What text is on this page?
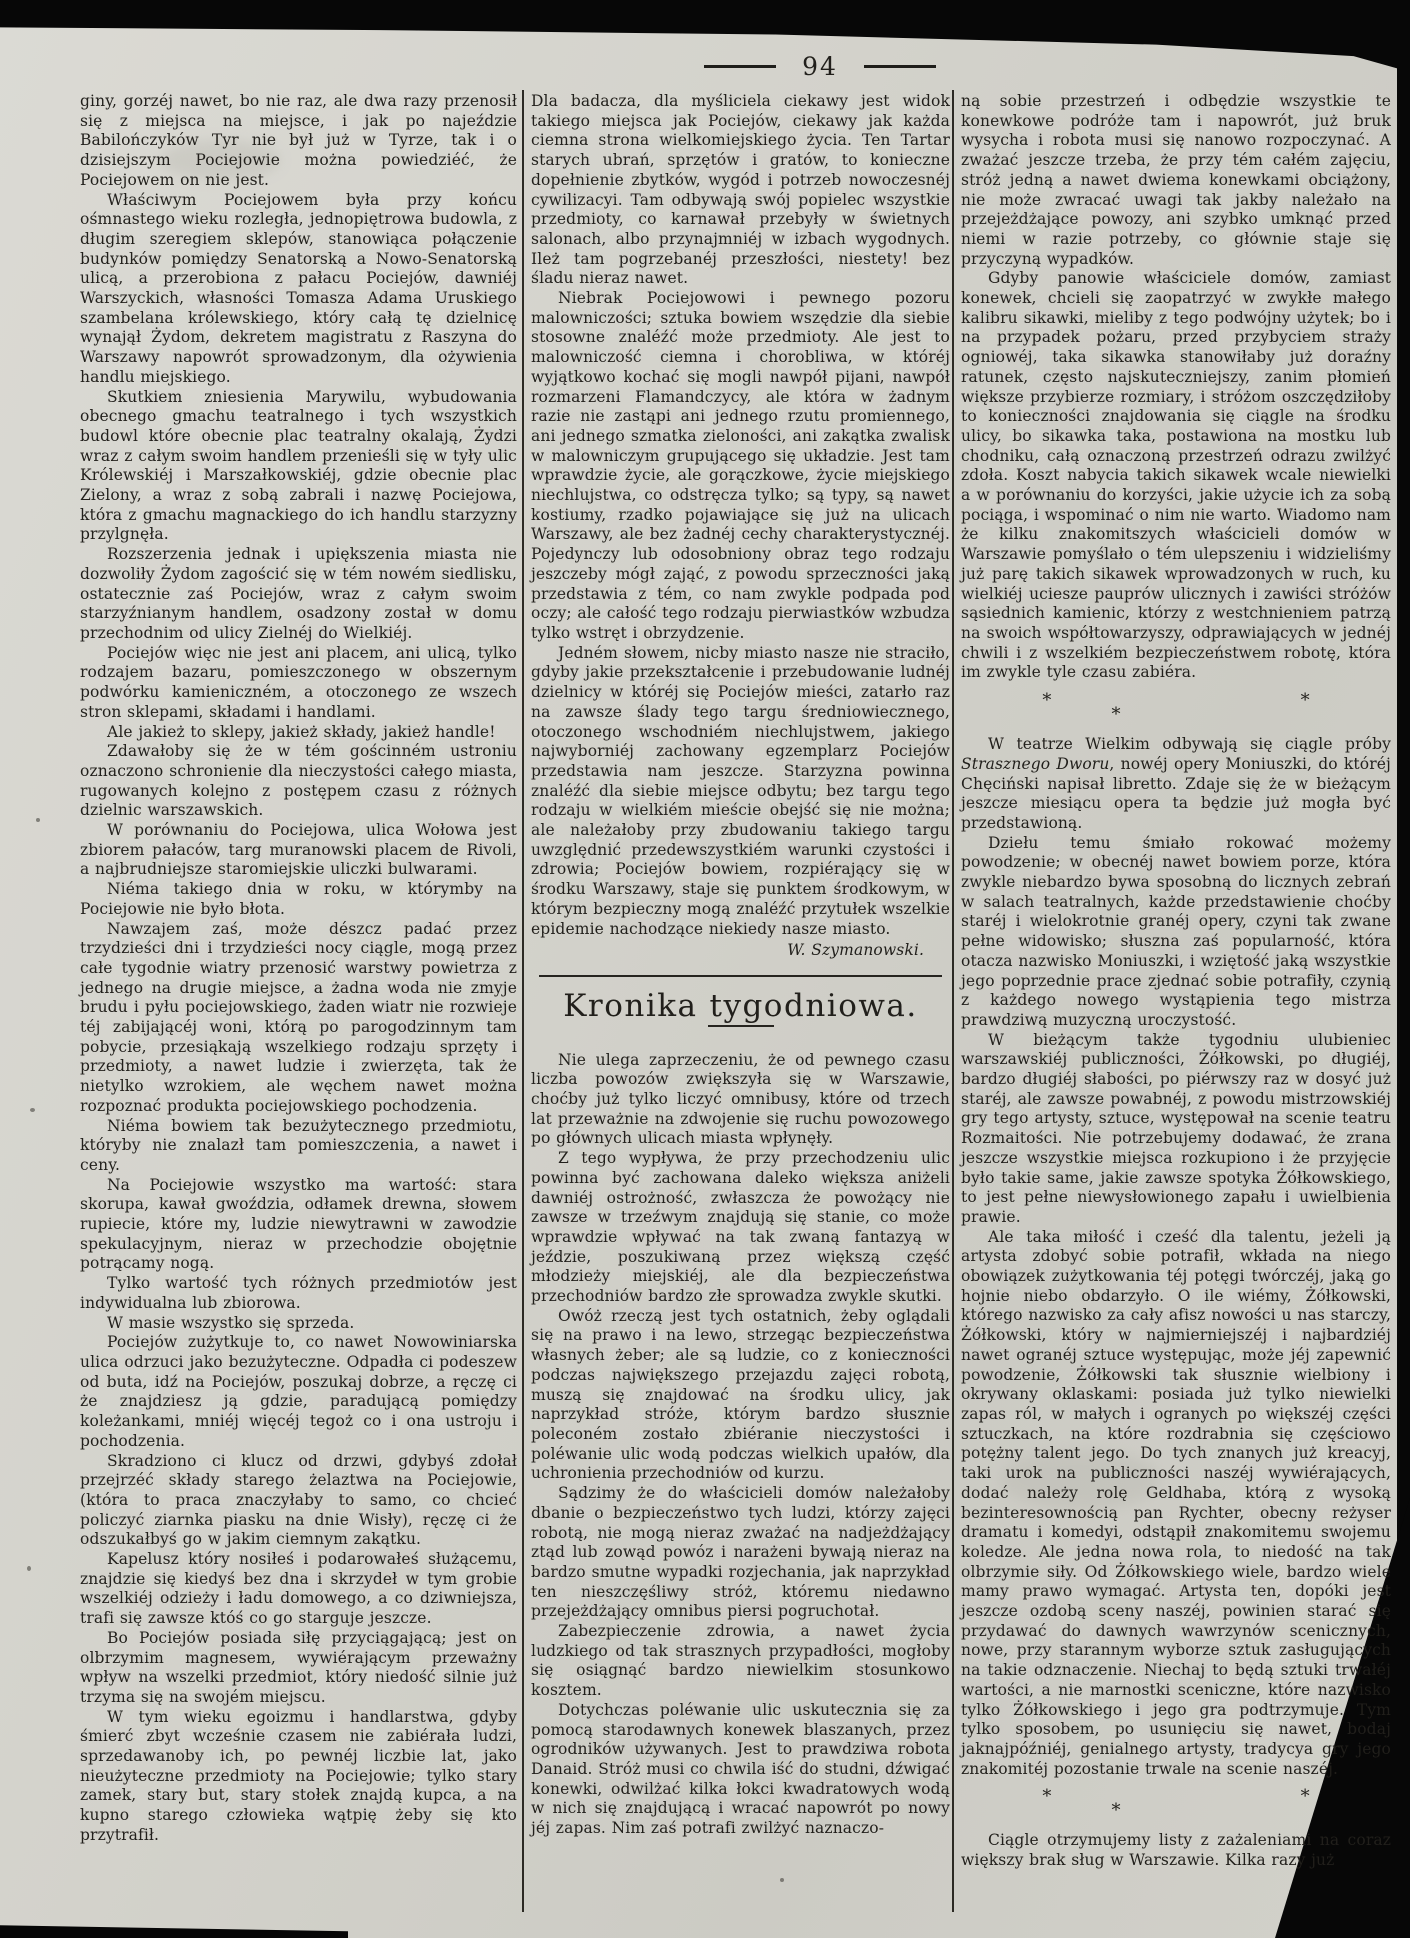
94

giny, gorzéj nawet, bo nie raz, ale dwa razy przenosił się z miejsca na miejsce, i jak po najeździe Babilończyków Tyr nie był już w Tyrze, tak i o dzisiejszym Pociejowie można powiedziéć, że Pociejowem on nie jest.

Właściwym Pociejowem była przy końcu ośmnastego wieku rozległa, jednopiętrowa budowla, z długim szeregiem sklepów, stanowiąca połączenie budynków pomiędzy Senatorską a Nowo-Senatorską ulicą, a przerobiona z pałacu Pociejów, dawniéj Warszyckich, własności Tomasza Adama Uruskiego szambelana królewskiego, który całą tę dzielnicę wynajął Żydom, dekretem magistratu z Raszyna do Warszawy napowrót sprowadzonym, dla ożywienia handlu miejskiego.

Skutkiem zniesienia Marywilu, wybudowania obecnego gmachu teatralnego i tych wszystkich budowl które obecnie plac teatralny okalają, Żydzi wraz z całym swoim handlem przenieśli się w tyły ulic Królewskiéj i Marszałkowskiéj, gdzie obecnie plac Zielony, a wraz z sobą zabrali i nazwę Pociejowa, która z gmachu magnackiego do ich handlu starzyzny przylgnęła.

Rozszerzenia jednak i upiększenia miasta nie dozwoliły Żydom zagościć się w tém nowém siedlisku, ostatecznie zaś Pociejów, wraz z całym swoim starzyźnianym handlem, osadzony został w domu przechodnim od ulicy Zielnéj do Wielkiéj.

Pociejów więc nie jest ani placem, ani ulicą, tylko rodzajem bazaru, pomieszczonego w obszernym podwórku kamieniczném, a otoczonego ze wszech stron sklepami, składami i handlami.

Ale jakież to sklepy, jakież składy, jakież handle!

Zdawałoby się że w tém gościnném ustroniu oznaczono schronienie dla nieczystości całego miasta, rugowanych kolejno z postępem czasu z różnych dzielnic warszawskich.

W porównaniu do Pociejowa, ulica Wołowa jest zbiorem pałaców, targ muranowski placem de Rivoli, a najbrudniejsze staromiejskie uliczki bulwarami.

Niéma takiego dnia w roku, w którymby na Pociejowie nie było błota.

Nawzajem zaś, może dészcz padać przez trzydzieści dni i trzydzieści nocy ciągle, mogą przez całe tygodnie wiatry przenosić warstwy powietrza z jednego na drugie miejsce, a żadna woda nie zmyje brudu i pyłu pociejowskiego, żaden wiatr nie rozwieje téj zabijającéj woni, którą po parogodzinnym tam pobycie, przesiąkają wszelkiego rodzaju sprzęty i przedmioty, a nawet ludzie i zwierzęta, tak że nietylko wzrokiem, ale węchem nawet można rozpoznać produkta pociejowskiego pochodzenia.

Niéma bowiem tak bezużytecznego przedmiotu, któryby nie znalazł tam pomieszczenia, a nawet i ceny.

Na Pociejowie wszystko ma wartość: stara skorupa, kawał gwoździa, odłamek drewna, słowem rupiecie, które my, ludzie niewytrawni w zawodzie spekulacyjnym, nieraz w przechodzie obojętnie potrącamy nogą.

Tylko wartość tych różnych przedmiotów jest indywidualna lub zbiorowa.

W masie wszystko się sprzeda.

Pociejów zużytkuje to, co nawet Nowowiniarska ulica odrzuci jako bezużyteczne. Odpadła ci podeszew od buta, idź na Pociejów, poszukaj dobrze, a ręczę ci że znajdziesz ją gdzie, paradującą pomiędzy koleżankami, mniéj więcéj tegoż co i ona ustroju i pochodzenia.

Skradziono ci klucz od drzwi, gdybyś zdołał przejrzéć składy starego żelaztwa na Pociejowie, (która to praca znaczyłaby to samo, co chcieć policzyć ziarnka piasku na dnie Wisły), ręczę ci że odszukałbyś go w jakim ciemnym zakątku.

Kapelusz który nosiłeś i podarowałeś służącemu, znajdzie się kiedyś bez dna i skrzydeł w tym grobie wszelkiéj odzieży i ładu domowego, a co dziwniejsza, trafi się zawsze któś co go starguje jeszcze.

Bo Pociejów posiada siłę przyciągającą; jest on olbrzymim magnesem, wywiérającym przeważny wpływ na wszelki przedmiot, który niedość silnie już trzyma się na swojém miejscu.

W tym wieku egoizmu i handlarstwa, gdyby śmierć zbyt wcześnie czasem nie zabiérała ludzi, sprzedawanoby ich, po pewnéj liczbie lat, jako nieużyteczne przedmioty na Pociejowie; tylko stary zamek, stary but, stary stołek znajdą kupca, a na kupno starego człowieka wątpię żeby się kto przytrafił.

Dla badacza, dla myśliciela ciekawy jest widok takiego miejsca jak Pociejów, ciekawy jak każda ciemna strona wielkomiejskiego życia. Ten Tartar starych ubrań, sprzętów i gratów, to konieczne dopełnienie zbytków, wygód i potrzeb nowoczesnéj cywilizacyi. Tam odbywają swój popielec wszystkie przedmioty, co karnawał przebyły w świetnych salonach, albo przynajmniéj w izbach wygodnych. Ileż tam pogrzebanéj przeszłości, niestety! bez śladu nieraz nawet.

Niebrak Pociejowowi i pewnego pozoru malowniczości; sztuka bowiem wszędzie dla siebie stosowne znaléźć może przedmioty. Ale jest to malowniczość ciemna i chorobliwa, w któréj wyjątkowo kochać się mogli nawpół pijani, nawpół rozmarzeni Flamandczycy, ale która w żadnym razie nie zastąpi ani jednego rzutu promiennego, ani jednego szmatka zieloności, ani zakątka zwalisk w malowniczym grupującego się układzie. Jest tam wprawdzie życie, ale gorączkowe, życie miejskiego niechlujstwa, co odstręcza tylko; są typy, są nawet kostiumy, rzadko pojawiające się już na ulicach Warszawy, ale bez żadnéj cechy charakterystycznéj. Pojedynczy lub odosobniony obraz tego rodzaju jeszczeby mógł zająć, z powodu sprzeczności jaką przedstawia z tém, co nam zwykle podpada pod oczy; ale całość tego rodzaju pierwiastków wzbudza tylko wstręt i obrzydzenie.

Jedném słowem, nicby miasto nasze nie straciło, gdyby jakie przekształcenie i przebudowanie ludnéj dzielnicy w któréj się Pociejów mieści, zatarło raz na zawsze ślady tego targu średniowiecznego, otoczonego wschodniém niechlujstwem, jakiego najwyborniéj zachowany egzemplarz Pociejów przedstawia nam jeszcze. Starzyzna powinna znaléźć dla siebie miejsce odbytu; bez targu tego rodzaju w wielkiém mieście obejść się nie można; ale należałoby przy zbudowaniu takiego targu uwzględnić przedewszystkiém warunki czystości i zdrowia; Pociejów bowiem, rozpiérający się w środku Warszawy, staje się punktem środkowym, w którym bezpieczny mogą znaléźć przytułek wszelkie epidemie nachodzące niekiedy nasze miasto.

W. Szymanowski.
Kronika tygodniowa.

Nie ulega zaprzeczeniu, że od pewnego czasu liczba powozów zwiększyła się w Warszawie, choćby już tylko liczyć omnibusy, które od trzech lat przeważnie na zdwojenie się ruchu powozowego po głównych ulicach miasta wpłynęły.

Z tego wypływa, że przy przechodzeniu ulic powinna być zachowana daleko większa aniżeli dawniéj ostrożność, zwłaszcza że powożący nie zawsze w trzeźwym znajdują się stanie, co może wprawdzie wpływać na tak zwaną fantazyą w jeździe, poszukiwaną przez większą część młodzieży miejskiéj, ale dla bezpieczeństwa przechodniów bardzo złe sprowadza zwykle skutki.

Owóż rzeczą jest tych ostatnich, żeby oglądali się na prawo i na lewo, strzegąc bezpieczeństwa własnych żeber; ale są ludzie, co z konieczności podczas największego przejazdu zajęci robotą, muszą się znajdować na środku ulicy, jak naprzykład stróże, którym bardzo słusznie poleconém zostało zbiéranie nieczystości i poléwanie ulic wodą podczas wielkich upałów, dla uchronienia przechodniów od kurzu.

Sądzimy że do właścicieli domów należałoby dbanie o bezpieczeństwo tych ludzi, którzy zajęci robotą, nie mogą nieraz zważać na nadjeżdżający ztąd lub zowąd powóz i narażeni bywają nieraz na bardzo smutne wypadki rozjechania, jak naprzykład ten nieszczęśliwy stróż, któremu niedawno przejeżdżający omnibus piersi pogruchotał.

Zabezpieczenie zdrowia, a nawet życia ludzkiego od tak strasznych przypadłości, mogłoby się osiągnąć bardzo niewielkim stosunkowo kosztem.

Dotychczas poléwanie ulic uskutecznia się za pomocą starodawnych konewek blaszanych, przez ogrodników używanych. Jest to prawdziwa robota Danaid. Stróż musi co chwila iść do studni, dźwigać konewki, odwilżać kilka łokci kwadratowych wodą w nich się znajdującą i wracać napowrót po nowy jéj zapas. Nim zaś potrafi zwilżyć naznaczo-

ną sobie przestrzeń i odbędzie wszystkie te konewkowe podróże tam i napowrót, już bruk wysycha i robota musi się nanowo rozpoczynać. A zważać jeszcze trzeba, że przy tém całém zajęciu, stróż jedną a nawet dwiema konewkami obciążony, nie może zwracać uwagi tak jakby należało na przejeżdżające powozy, ani szybko umknąć przed niemi w razie potrzeby, co głównie staje się przyczyną wypadków.

Gdyby panowie właściciele domów, zamiast konewek, chcieli się zaopatrzyć w zwykłe małego kalibru sikawki, mieliby z tego podwójny użytek; bo i na przypadek pożaru, przed przybyciem straży ogniowéj, taka sikawka stanowiłaby już doraźny ratunek, często najskuteczniejszy, zanim płomień większe przybierze rozmiary, i stróżom oszczędziłoby to konieczności znajdowania się ciągle na środku ulicy, bo sikawka taka, postawiona na mostku lub chodniku, całą oznaczoną przestrzeń odrazu zwilżyć zdoła. Koszt nabycia takich sikawek wcale niewielki a w porównaniu do korzyści, jakie użycie ich za sobą pociąga, i wspominać o nim nie warto. Wiadomo nam że kilku znakomitszych właścicieli domów w Warszawie pomyślało o tém ulepszeniu i widzieliśmy już parę takich sikawek wprowadzonych w ruch, ku wielkiéj uciesze pauprów ulicznych i zawiści stróżów sąsiednich kamienic, którzy z westchnieniem patrzą na swoich współtowarzyszy, odprawiających w jednéj chwili i z wszelkiém bezpieczeństwem robotę, która im zwykle tyle czasu zabiéra.

*
*
*

W teatrze Wielkim odbywają się ciągle próby Strasznego Dworu, nowéj opery Moniuszki, do któréj Chęciński napisał libretto. Zdaje się że w bieżącym jeszcze miesiącu opera ta będzie już mogła być przedstawioną.

Dziełu temu śmiało rokować możemy powodzenie; w obecnéj nawet bowiem porze, która zwykle niebardzo bywa sposobną do licznych zebrań w salach teatralnych, każde przedstawienie choćby staréj i wielokrotnie granéj opery, czyni tak zwane pełne widowisko; słuszna zaś popularność, która otacza nazwisko Moniuszki, i wziętość jaką wszystkie jego poprzednie prace zjednać sobie potrafiły, czynią z każdego nowego wystąpienia tego mistrza prawdziwą muzyczną uroczystość.

W bieżącym także tygodniu ulubieniec warszawskiéj publiczności, Żółkowski, po długiéj, bardzo długiéj słabości, po piérwszy raz w dosyć już staréj, ale zawsze powabnéj, z powodu mistrzowskiéj gry tego artysty, sztuce, występował na scenie teatru Rozmaitości. Nie potrzebujemy dodawać, że zrana jeszcze wszystkie miejsca rozkupiono i że przyjęcie było takie same, jakie zawsze spotyka Żółkowskiego, to jest pełne niewysłowionego zapału i uwielbienia prawie.

Ale taka miłość i cześć dla talentu, jeżeli ją artysta zdobyć sobie potrafił, wkłada na niego obowiązek zużytkowania téj potęgi twórczéj, jaką go hojnie niebo obdarzyło. O ile wiémy, Żółkowski, którego nazwisko za cały afisz nowości u nas starczy, Żółkowski, który w najmierniejszéj i najbardziéj nawet ogranéj sztuce występując, może jéj zapewnić powodzenie, Żółkowski tak słusznie wielbiony i okrywany oklaskami: posiada już tylko niewielki zapas ról, w małych i ogranych po większéj części sztuczkach, na które rozdrabnia się częściowo potężny talent jego. Do tych znanych już kreacyj, taki urok na publiczności naszéj wywiérających, dodać należy rolę Geldhaba, którą z wysoką bezinteresownością pan Rychter, obecny reżyser dramatu i komedyi, odstąpił znakomitemu swojemu koledze. Ale jedna nowa rola, to niedość na tak olbrzymie siły. Od Żółkowskiego wiele, bardzo wiele mamy prawo wymagać. Artysta ten, dopóki jest jeszcze ozdobą sceny naszéj, powinien starać się przydawać do dawnych wawrzynów scenicznych, nowe, przy starannym wyborze sztuk zasługujących na takie odznaczenie. Niechaj to będą sztuki trwałéj wartości, a nie marnostki sceniczne, które nazwisko tylko Żółkowskiego i jego gra podtrzymuje. Tym tylko sposobem, po usunięciu się nawet, bodaj jaknajpóźniéj, genialnego artysty, tradycya gry jego znakomitéj pozostanie trwale na scenie naszéj.

*
*
*

Ciągle otrzymujemy listy z zażaleniami na coraz większy brak sług w Warszawie. Kilka razy już
